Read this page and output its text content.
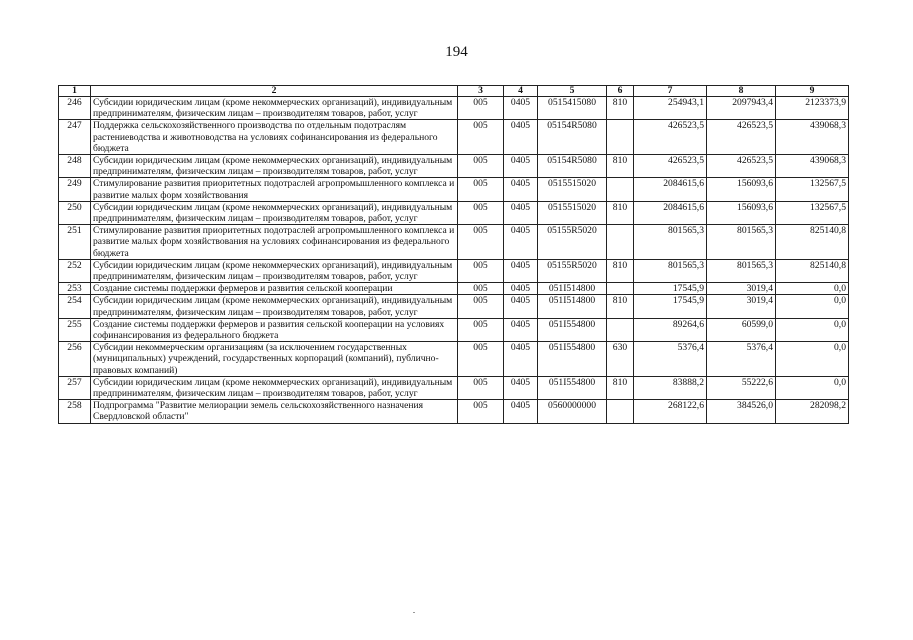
194
1	2	3	4	5	6	7	8	9
246	Субсидии юридическим лицам (кроме некоммерческих организаций), индивидуальным предпринимателям, физическим лицам – производителям товаров, работ, услуг	005	0405	0515415080	810	254943,1	2097943,4	2123373,9
247	Поддержка сельскохозяйственного производства по отдельным подотраслям растениеводства и животноводства на условиях софинансирования из федерального бюджета	005	0405	05154R5080		426523,5	426523,5	439068,3
248	Субсидии юридическим лицам (кроме некоммерческих организаций), индивидуальным предпринимателям, физическим лицам – производителям товаров, работ, услуг	005	0405	05154R5080	810	426523,5	426523,5	439068,3
249	Стимулирование развития приоритетных подотраслей агропромышленного комплекса и развитие малых форм хозяйствования	005	0405	0515515020		2084615,6	156093,6	132567,5
250	Субсидии юридическим лицам (кроме некоммерческих организаций), индивидуальным предпринимателям, физическим лицам – производителям товаров, работ, услуг	005	0405	0515515020	810	2084615,6	156093,6	132567,5
251	Стимулирование развития приоритетных подотраслей агропромышленного комплекса и развитие малых форм хозяйствования на условиях софинансирования из федерального бюджета	005	0405	05155R5020		801565,3	801565,3	825140,8
252	Субсидии юридическим лицам (кроме некоммерческих организаций), индивидуальным предпринимателям, физическим лицам – производителям товаров, работ, услуг	005	0405	05155R5020	810	801565,3	801565,3	825140,8
253	Создание системы поддержки фермеров и развития сельской кооперации	005	0405	051I514800		17545,9	3019,4	0,0
254	Субсидии юридическим лицам (кроме некоммерческих организаций), индивидуальным предпринимателям, физическим лицам – производителям товаров, работ, услуг	005	0405	051I514800	810	17545,9	3019,4	0,0
255	Создание системы поддержки фермеров и развития сельской кооперации на условиях софинансирования из федерального бюджета	005	0405	051I554800		89264,6	60599,0	0,0
256	Субсидии некоммерческим организациям (за исключением государственных (муниципальных) учреждений, государственных корпораций (компаний), публично-правовых компаний)	005	0405	051I554800	630	5376,4	5376,4	0,0
257	Субсидии юридическим лицам (кроме некоммерческих организаций), индивидуальным предпринимателям, физическим лицам – производителям товаров, работ, услуг	005	0405	051I554800	810	83888,2	55222,6	0,0
258	Подпрограмма "Развитие мелиорации земель сельскохозяйственного назначения Свердловской области"	005	0405	0560000000		268122,6	384526,0	282098,2
